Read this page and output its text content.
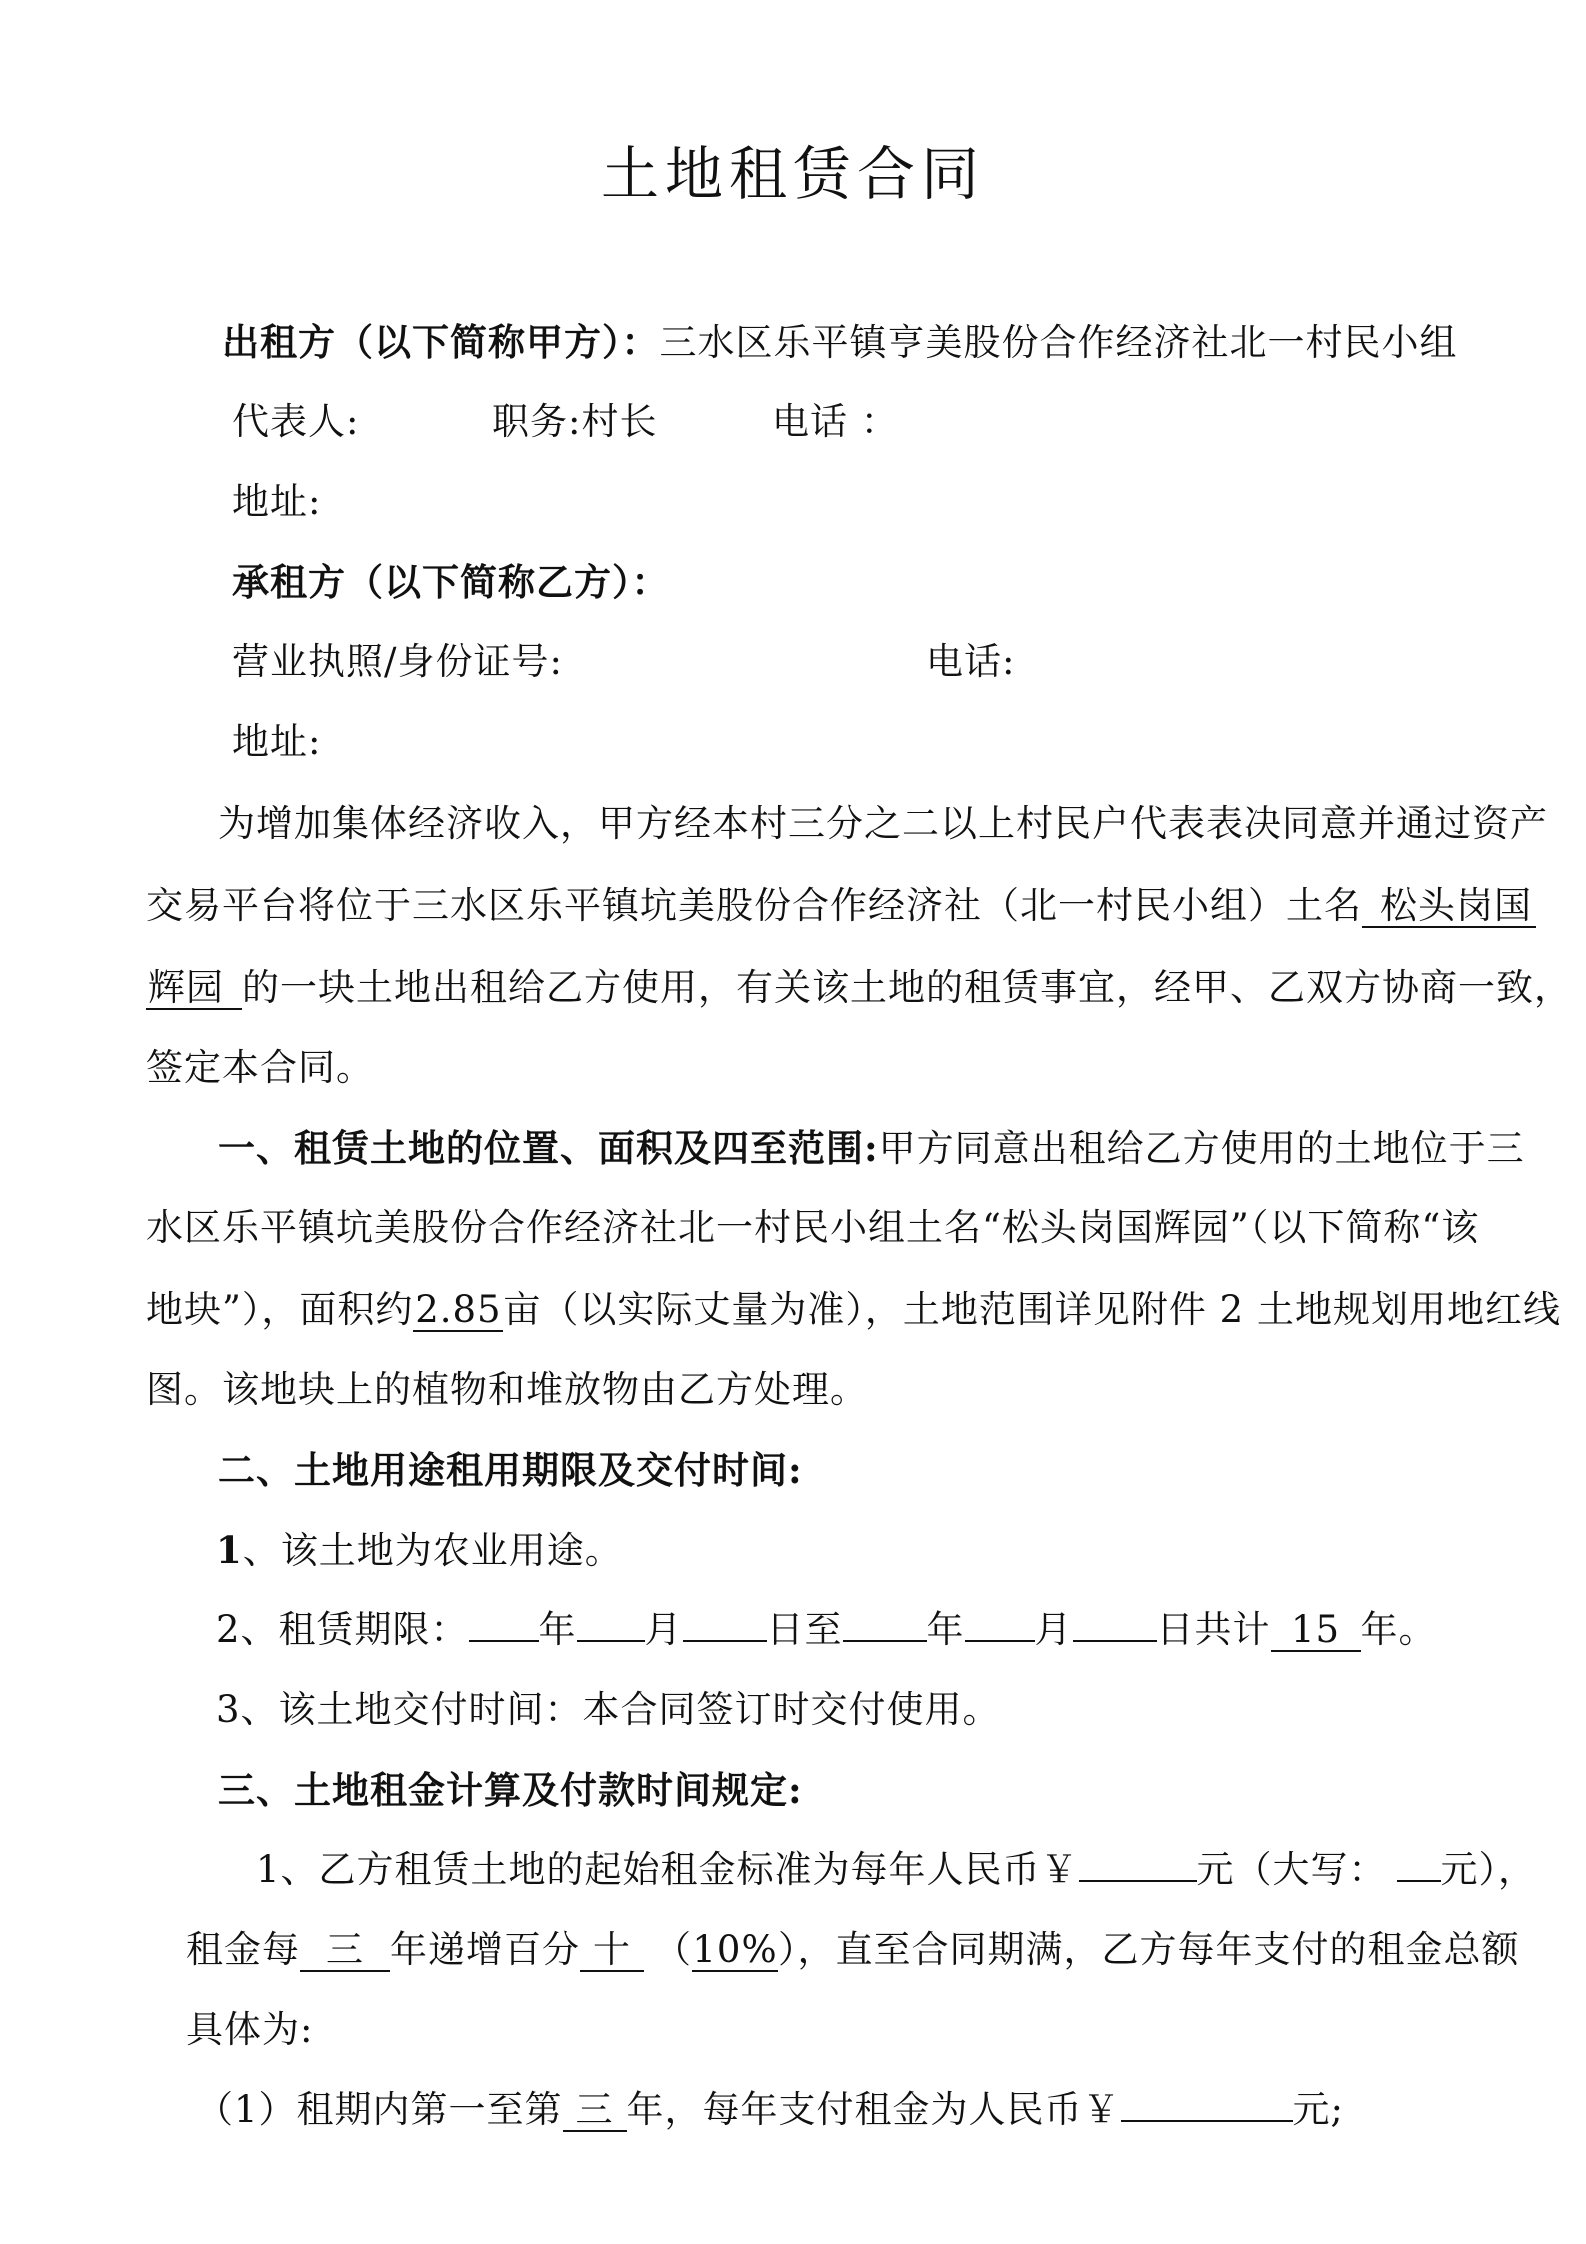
土地租赁合同
出租方（以下简称甲方）：三水区乐平镇亨美股份合作经济社北一村民小组
代表人:	职务:村长	电话 ：
地址:
承租方（以下简称乙方）：
营业执照/身份证号:	电话:
地址:
为增加集体经济收入，甲方经本村三分之二以上村民户代表表决同意并通过资产
交易平台将位于三水区乐平镇坑美股份合作经济社（北一村民小组）土名 松头岗国
辉园 的一块土地出租给乙方使用，有关该土地的租赁事宜，经甲、乙双方协商一致，
签定本合同。
一、租赁土地的位置、面积及四至范围:甲方同意出租给乙方使用的土地位于三
水区乐平镇坑美股份合作经济社北一村民小组土名“松头岗国辉园”（以下简称“该
地块”），面积约2.85亩（以实际丈量为准），土地范围详见附件 2 土地规划用地红线
图。该地块上的植物和堆放物由乙方处理。
二、土地用途租用期限及交付时间:
1、该土地为农业用途。
2、租赁期限： 年 月 日至 年 月 日共计 15 年。
3、该土地交付时间：本合同签订时交付使用。
三、土地租金计算及付款时间规定:
1、乙方租赁土地的起始租金标准为每年人民币￥	元（大写： 元），
租金每 三 年递增百分 十 （10%），直至合同期满，乙方每年支付的租金总额
具体为:
（1）租期内第一至第 三 年，每年支付租金为人民币￥	元;
